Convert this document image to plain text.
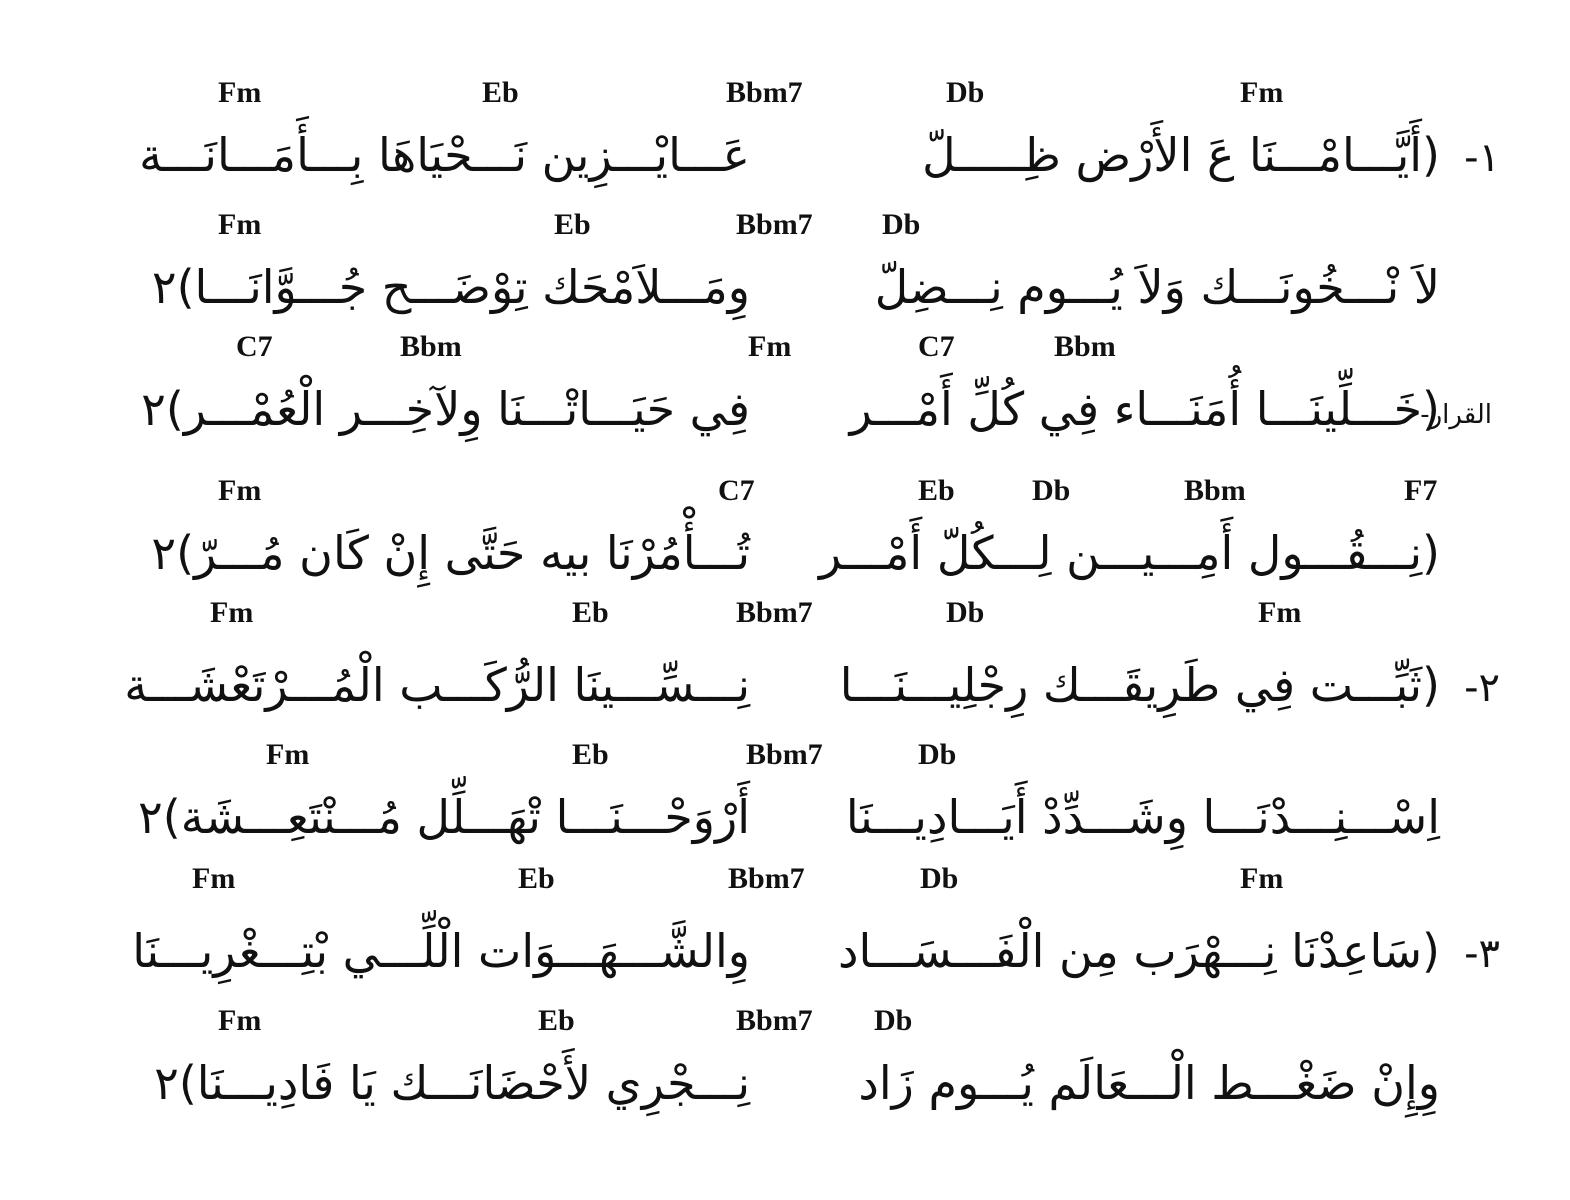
Fm	Eb	Bbm7	Db	Fm
١-
(أَيَّـــامْـــنَا عَ الأَرْض ظِـــــلّ
عَـــايْـــزِين نَـــحْيَاهَا بِـــأَمَـــانَـــة
Fm	Eb	Bbm7 Db
لاَ نْـــخُونَـــك وَلاَ يُـــوم نِـــضِلّ
وِمَـــلاَمْحَك تِوْضَـــح جُـــوَّانَـــا)٢
C7	Bbm	Fm	C7	Bbm
القرار-
(خَـــلِّينَـــا أُمَنَـــاء فِي كُلِّ أَمْـــر
فِي حَيَـــاتْـــنَا وِلآخِـــر الْعُمْـــر)٢
Fm	C7	Eb	Db	Bbm	F7
(نِـــقُـــول أَمِـــيـــن لِـــكُلّ أَمْـــر
تُـــأْمُرْنَا بيه حَتَّى إِنْ كَان مُـــرّ)٢
Fm	Eb	Bbm7	Db	Fm
٢-
(ثَبِّـــت فِي طَرِيقَـــك رِجْلِيـــنَـــا
نِـــسِّـــينَا الرُّكَـــب الْمُـــرْتَعْشَـــة
Fm	Eb	Bbm7	Db
اِسْـــنِـــدْنَـــا وِشَـــدِّدْ أَيَـــادِيـــنَا
أَرْوَحْـــنَـــا تْهَـــلِّل مُـــنْتَعِـــشَة)٢
Fm	Eb	Bbm7	Db	Fm
٣-
(سَاعِدْنَا نِـــهْرَب مِن الْفَـــسَـــاد
وِالشَّـــهَـــوَات الْلِّـــي بْتِـــغْرِيـــنَا
Fm	Eb	Bbm7 Db
وِإِنْ ضَغْـــط الْـــعَالَم يُـــوم زَاد
نِـــجْرِي لأَحْضَانَـــك يَا فَادِيـــنَا)٢
